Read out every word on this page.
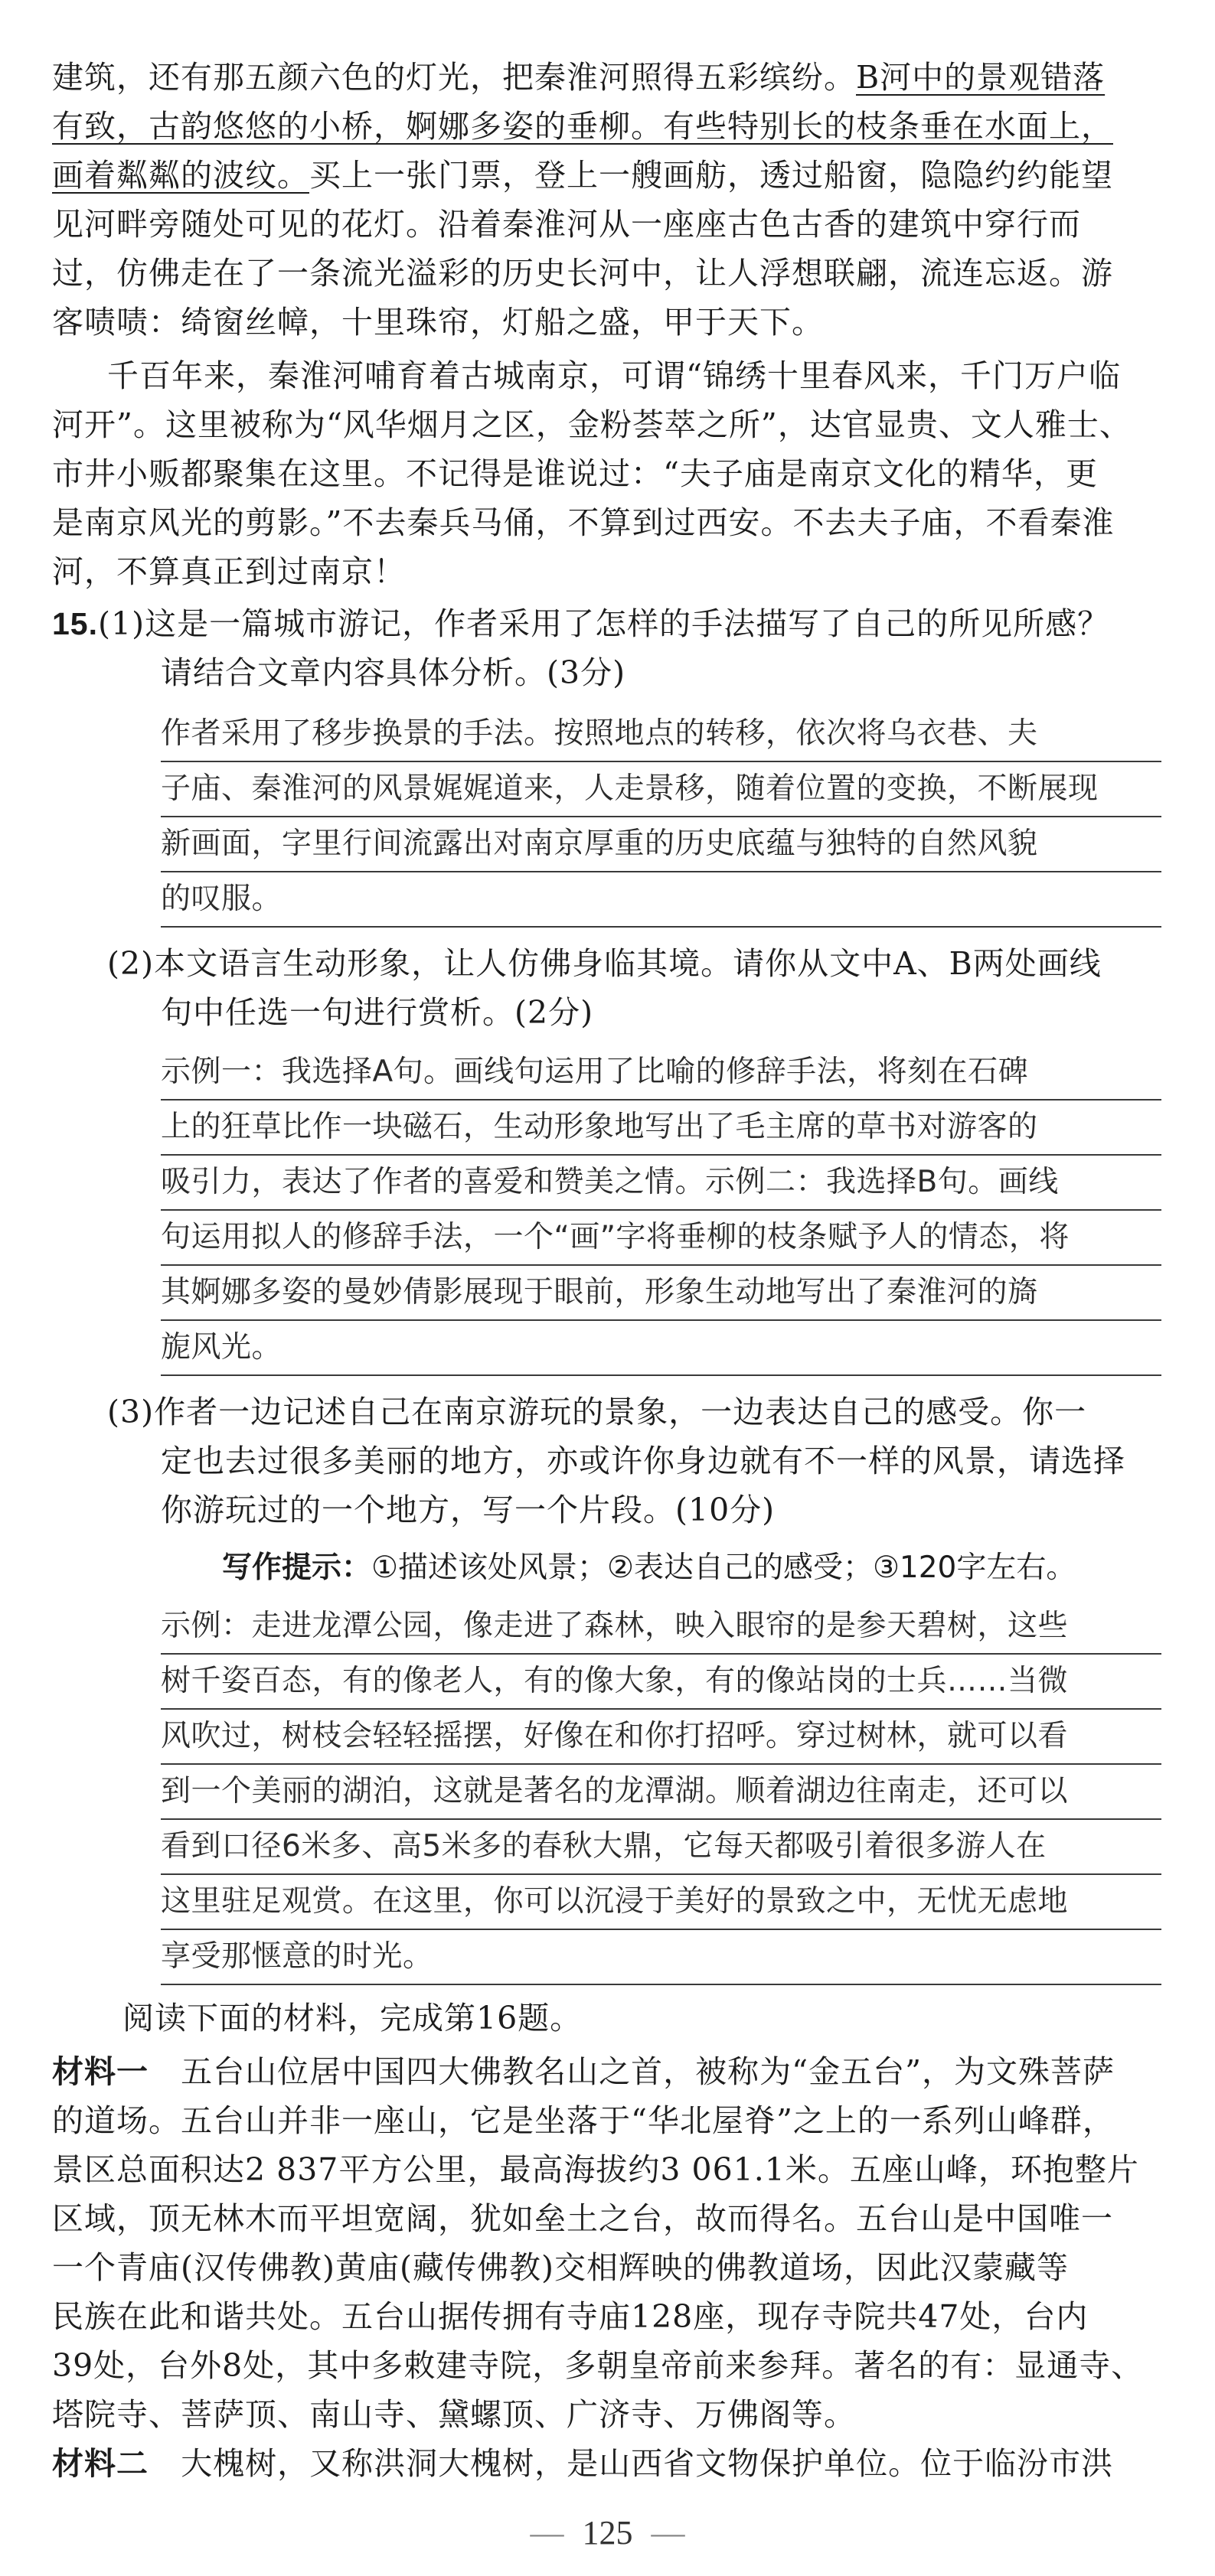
建筑，还有那五颜六色的灯光，把秦淮河照得五彩缤纷。B河中的景观错落
有致，古韵悠悠的小桥，婀娜多姿的垂柳。有些特别长的枝条垂在水面上，
画着粼粼的波纹。买上一张门票，登上一艘画舫，透过船窗，隐隐约约能望
见河畔旁随处可见的花灯。沿着秦淮河从一座座古色古香的建筑中穿行而
过，仿佛走在了一条流光溢彩的历史长河中，让人浮想联翩，流连忘返。游
客啧啧：绮窗丝幛，十里珠帘，灯船之盛，甲于天下。
千百年来，秦淮河哺育着古城南京，可谓“锦绣十里春风来，千门万户临
河开”。这里被称为“风华烟月之区，金粉荟萃之所”，达官显贵、文人雅士、
市井小贩都聚集在这里。不记得是谁说过：“夫子庙是南京文化的精华，更
是南京风光的剪影。”不去秦兵马俑，不算到过西安。不去夫子庙，不看秦淮
河，不算真正到过南京！
15.(1)这是一篇城市游记，作者采用了怎样的手法描写了自己的所见所感？
请结合文章内容具体分析。(3分)
作者采用了移步换景的手法。按照地点的转移，依次将乌衣巷、夫
子庙、秦淮河的风景娓娓道来，人走景移，随着位置的变换，不断展现
新画面，字里行间流露出对南京厚重的历史底蕴与独特的自然风貌
的叹服。
(2)本文语言生动形象，让人仿佛身临其境。请你从文中A、B两处画线
句中任选一句进行赏析。(2分)
示例一：我选择A句。画线句运用了比喻的修辞手法，将刻在石碑
上的狂草比作一块磁石，生动形象地写出了毛主席的草书对游客的
吸引力，表达了作者的喜爱和赞美之情。示例二：我选择B句。画线
句运用拟人的修辞手法，一个“画”字将垂柳的枝条赋予人的情态，将
其婀娜多姿的曼妙倩影展现于眼前，形象生动地写出了秦淮河的旖
旎风光。
(3)作者一边记述自己在南京游玩的景象，一边表达自己的感受。你一
定也去过很多美丽的地方，亦或许你身边就有不一样的风景，请选择
你游玩过的一个地方，写一个片段。(10分)
写作提示：①描述该处风景；②表达自己的感受；③120字左右。
示例：走进龙潭公园，像走进了森林，映入眼帘的是参天碧树，这些
树千姿百态，有的像老人，有的像大象，有的像站岗的士兵……当微
风吹过，树枝会轻轻摇摆，好像在和你打招呼。穿过树林，就可以看
到一个美丽的湖泊，这就是著名的龙潭湖。顺着湖边往南走，还可以
看到口径6米多、高5米多的春秋大鼎，它每天都吸引着很多游人在
这里驻足观赏。在这里，你可以沉浸于美好的景致之中，无忧无虑地
享受那惬意的时光。
阅读下面的材料，完成第16题。
材料一 五台山位居中国四大佛教名山之首，被称为“金五台”，为文殊菩萨
的道场。五台山并非一座山，它是坐落于“华北屋脊”之上的一系列山峰群，
景区总面积达2 837平方公里，最高海拔约3 061.1米。五座山峰，环抱整片
区域，顶无林木而平坦宽阔，犹如垒土之台，故而得名。五台山是中国唯一
一个青庙(汉传佛教)黄庙(藏传佛教)交相辉映的佛教道场，因此汉蒙藏等
民族在此和谐共处。五台山据传拥有寺庙128座，现存寺院共47处，台内
39处，台外8处，其中多敕建寺院，多朝皇帝前来参拜。著名的有：显通寺、
塔院寺、菩萨顶、南山寺、黛螺顶、广济寺、万佛阁等。
材料二 大槐树，又称洪洞大槐树，是山西省文物保护单位。位于临汾市洪
— 125 —
